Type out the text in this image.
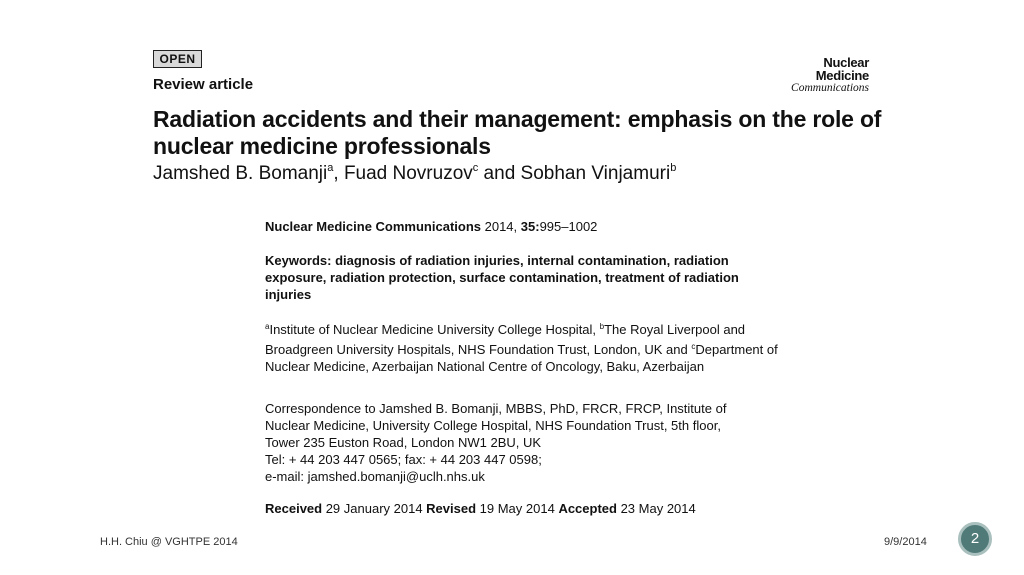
OPEN
Review article
Nuclear
Medicine
Communications
Radiation accidents and their management: emphasis on the role of nuclear medicine professionals
Jamshed B. Bomanji$^a$, Fuad Novruzov$^c$ and Sobhan Vinjamuri$^b$
Nuclear Medicine Communications 2014, 35:995–1002
Keywords: diagnosis of radiation injuries, internal contamination, radiation exposure, radiation protection, surface contamination, treatment of radiation injuries
$^a$Institute of Nuclear Medicine University College Hospital, $^b$The Royal Liverpool and Broadgreen University Hospitals, NHS Foundation Trust, London, UK and $^c$Department of Nuclear Medicine, Azerbaijan National Centre of Oncology, Baku, Azerbaijan
Correspondence to Jamshed B. Bomanji, MBBS, PhD, FRCR, FRCP, Institute of
Nuclear Medicine, University College Hospital, NHS Foundation Trust, 5th floor,
Tower 235 Euston Road, London NW1 2BU, UK
Tel: + 44 203 447 0565; fax: + 44 203 447 0598;
e-mail: jamshed.bomanji@uclh.nhs.uk
Received 29 January 2014 Revised 19 May 2014 Accepted 23 May 2014
H.H. Chiu @ VGHTPE 2014	9/9/2014	2
